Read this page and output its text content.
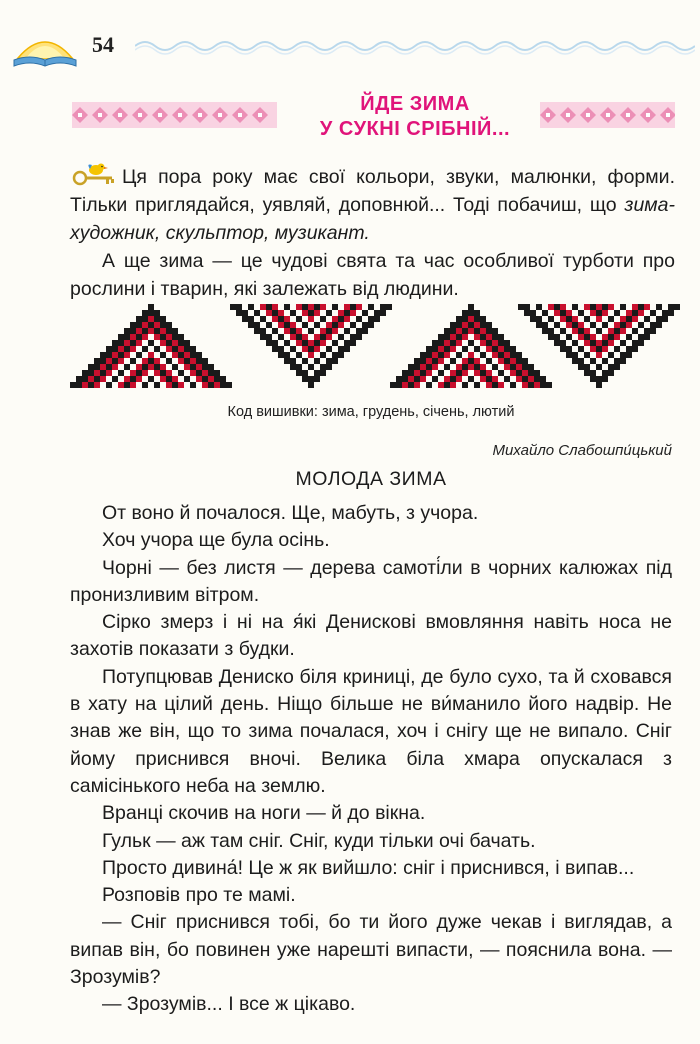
54
ЙДЕ ЗИМА
У СУКНІ СРІБНІЙ...

Ця пора року має свої кольори, звуки, малюнки, форми. Тільки приглядайся, уявляй, доповнюй... Тоді побачиш, що зима-художник, скульптор, музикант.

А ще зима — це чудові свята та час особливої турботи про рослини і тварин, які залежать від людини.

Код вишивки: зима, грудень, січень, лютий
Михайло Слабошпи́цький
МОЛОДА ЗИМА

От воно й почалося. Ще, мабуть, з учора.

Хоч учора ще була осінь.

Чорні — без листя — дерева самоті́ли в чорних калюжах під пронизливим вітром.

Сірко змерз і ні на я́кі Денискові вмовляння навіть носа не захотів показати з будки.

Потупцював Дениско біля криниці, де було сухо, та й сховався в хату на цілий день. Ніщо більше не ви́манило його надвір. Не знав же він, що то зима почалася, хоч і снігу ще не випало. Сніг йому приснився вночі. Велика біла хмара опускалася з самісінького неба на землю.

Вранці скочив на ноги — й до вікна.

Гульк — аж там сніг. Сніг, куди тільки очі бачать.

Просто дивина́! Це ж як вийшло: сніг і приснився, і випав...

Розповів про те мамі.

— Сніг приснився тобі, бо ти його дуже чекав і виглядав, а випав він, бо повинен уже нарешті випасти, — пояснила вона. — Зрозумів?

— Зрозумів... І все ж цікаво.
